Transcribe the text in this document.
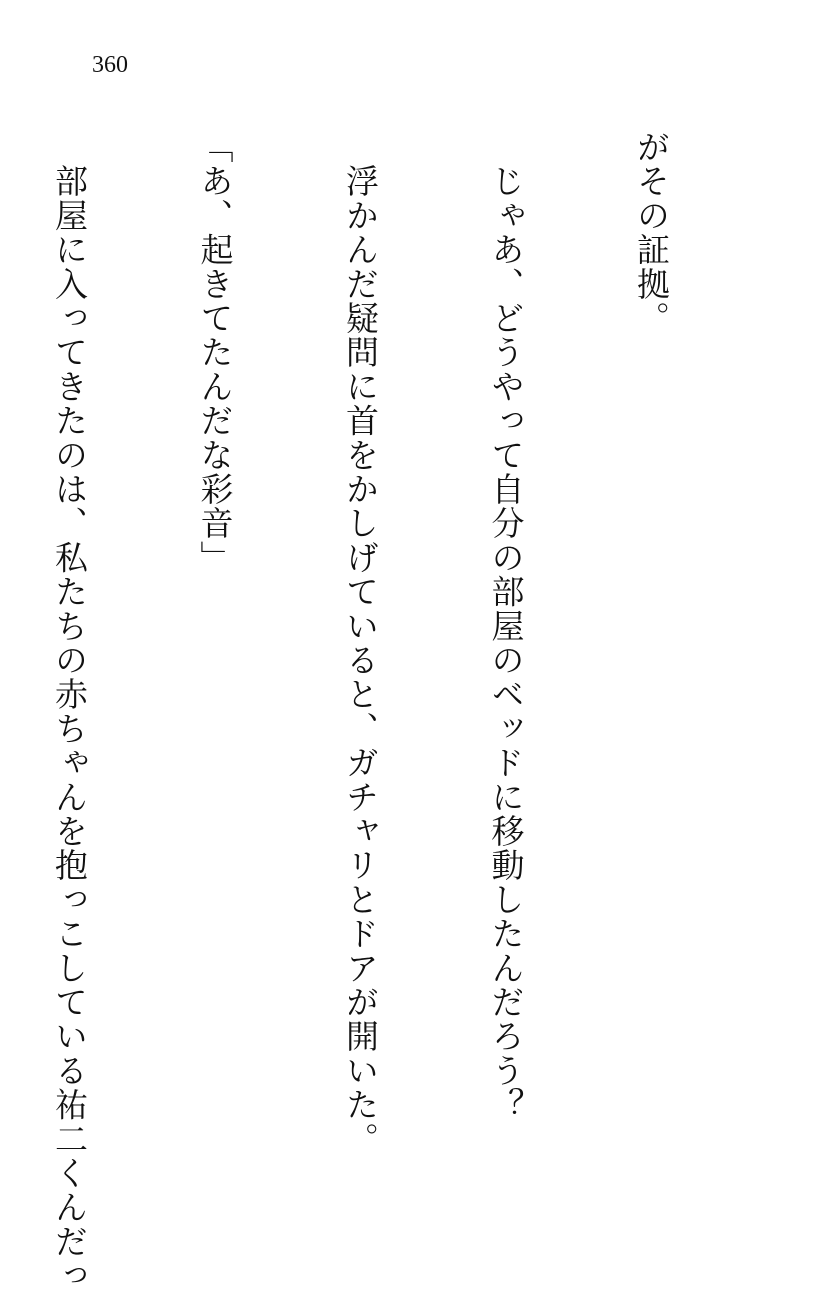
360

がその証拠。

　じゃあ、どうやって自分の部屋のベッドに移動したんだろう？

　浮かんだ疑問に首をかしげていると、ガチャリとドアが開いた。

「あ、起きてたんだな彩音」

　部屋に入ってきたのは、私たちの赤ちゃんを抱っこしている祐二くんだっ
